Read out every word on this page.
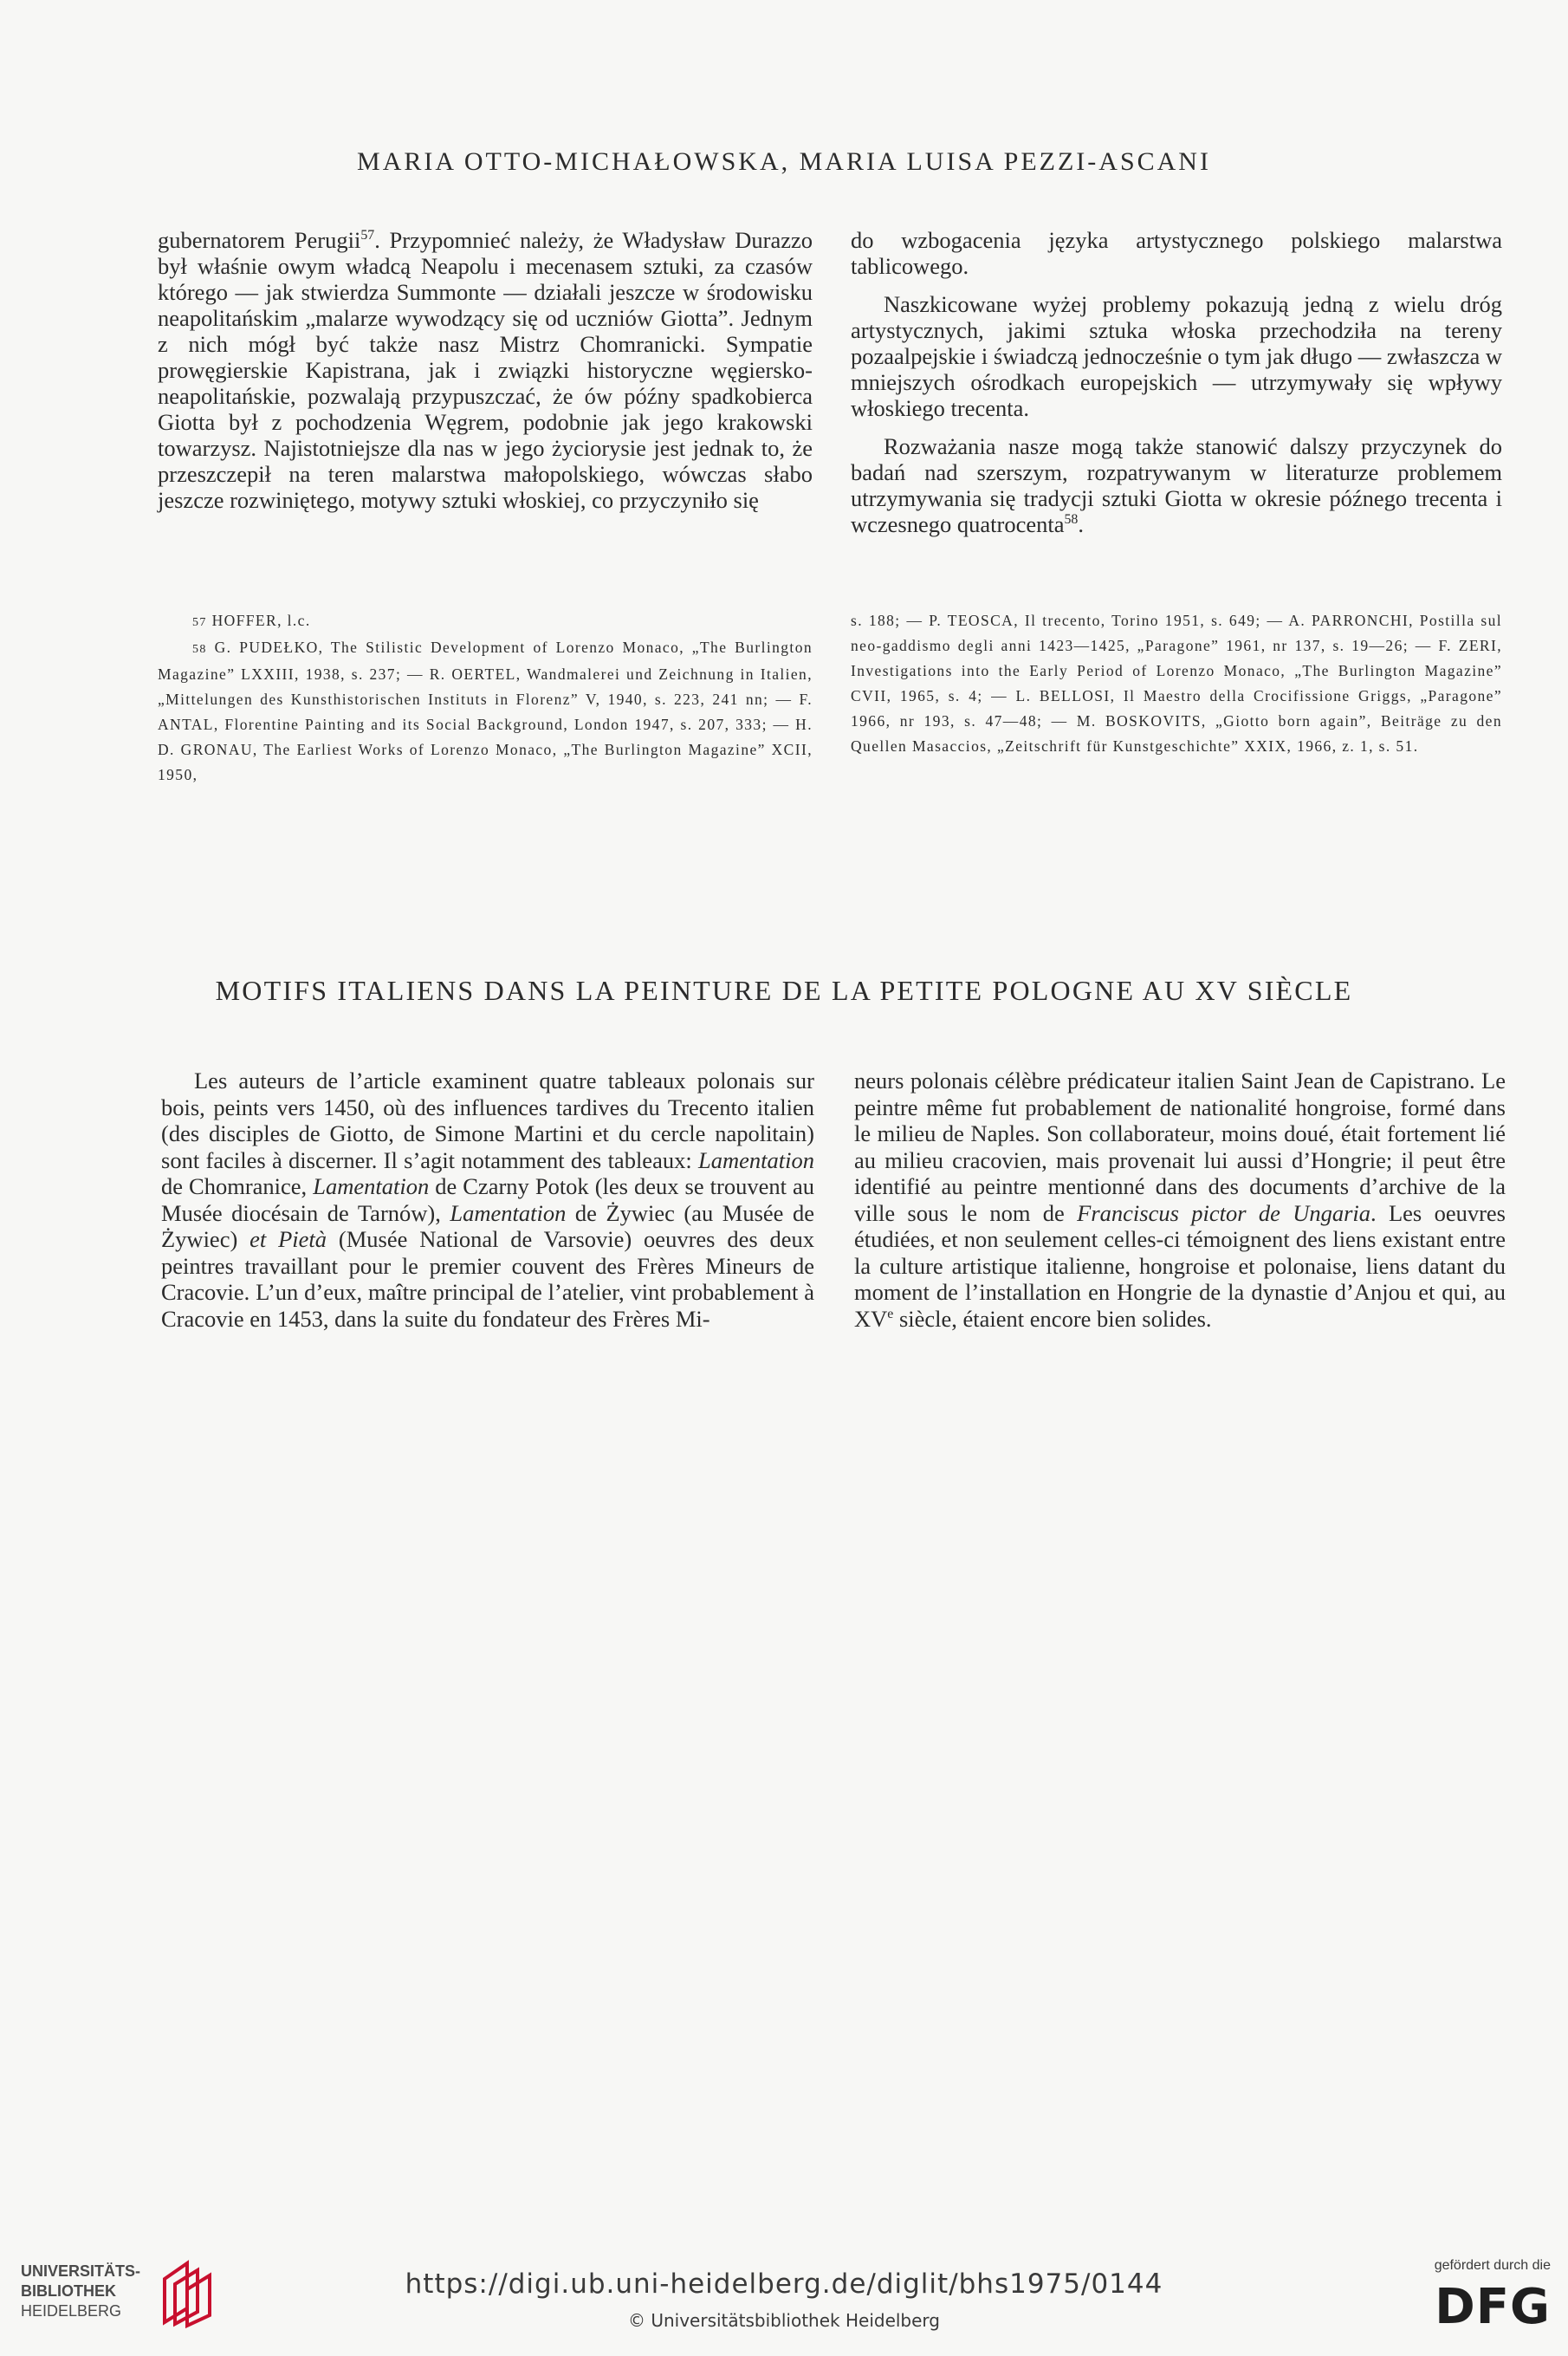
MARIA OTTO-MICHAŁOWSKA, MARIA LUISA PEZZI-ASCANI

gubernatorem Perugii$^{57}$. Przypomnieć należy, że Władysław Durazzo był właśnie owym władcą Neapolu i mecenasem sztuki, za czasów którego — jak stwierdza Summonte — działali jeszcze w środowisku neapolitańskim „malarze wywodzący się od uczniów Giotta”. Jednym z nich mógł być także nasz Mistrz Chomranicki. Sympatie prowęgierskie Kapistrana, jak i związki historyczne węgiersko-neapolitańskie, pozwalają przypuszczać, że ów późny spadkobierca Giotta był z pochodzenia Węgrem, podobnie jak jego krakowski towarzysz. Najistotniejsze dla nas w jego życiorysie jest jednak to, że przeszczepił na teren malarstwa małopolskiego, wówczas słabo jeszcze rozwiniętego, motywy sztuki włoskiej, co przyczyniło się

do wzbogacenia języka artystycznego polskiego malarstwa tablicowego.

Naszkicowane wyżej problemy pokazują jedną z wielu dróg artystycznych, jakimi sztuka włoska przechodziła na tereny pozaalpejskie i świadczą jednocześnie o tym jak długo — zwłaszcza w mniejszych ośrodkach europejskich — utrzymywały się wpływy włoskiego trecenta.

Rozważania nasze mogą także stanowić dalszy przyczynek do badań nad szerszym, rozpatrywanym w literaturze problemem utrzymywania się tradycji sztuki Giotta w okresie późnego trecenta i wczesnego quatrocenta$^{58}$.

57 HOFFER, l.c.

58 G. PUDEŁKO, The Stilistic Development of Lorenzo Monaco, „The Burlington Magazine” LXXIII, 1938, s. 237; — R. OERTEL, Wandmalerei und Zeichnung in Italien, „Mittelungen des Kunsthistorischen Instituts in Florenz” V, 1940, s. 223, 241 nn; — F. ANTAL, Florentine Painting and its Social Background, London 1947, s. 207, 333; — H. D. GRONAU, The Earliest Works of Lorenzo Monaco, „The Burlington Magazine” XCII, 1950,

s. 188; — P. TEOSCA, Il trecento, Torino 1951, s. 649; — A. PARRONCHI, Postilla sul neo-gaddismo degli anni 1423—1425, „Paragone” 1961, nr 137, s. 19—26; — F. ZERI, Investigations into the Early Period of Lorenzo Monaco, „The Burlington Magazine” CVII, 1965, s. 4; — L. BELLOSI, Il Maestro della Crocifissione Griggs, „Paragone” 1966, nr 193, s. 47—48; — M. BOSKOVITS, „Giotto born again”, Beiträge zu den Quellen Masaccios, „Zeitschrift für Kunstgeschichte” XXIX, 1966, z. 1, s. 51.

MOTIFS ITALIENS DANS LA PEINTURE DE LA PETITE POLOGNE AU XV SIÈCLE

Les auteurs de l’article examinent quatre tableaux polonais sur bois, peints vers 1450, où des influences tardives du Trecento italien (des disciples de Giotto, de Simone Martini et du cercle napolitain) sont faciles à discerner. Il s’agit notamment des tableaux: Lamentation de Chomranice, Lamentation de Czarny Potok (les deux se trouvent au Musée diocésain de Tarnów), Lamentation de Żywiec (au Musée de Żywiec) et Pietà (Musée National de Varsovie) oeuvres des deux peintres travaillant pour le premier couvent des Frères Mineurs de Cracovie. L’un d’eux, maître principal de l’atelier, vint probablement à Cracovie en 1453, dans la suite du fondateur des Frères Mi-

neurs polonais célèbre prédicateur italien Saint Jean de Capistrano. Le peintre même fut probablement de nationalité hongroise, formé dans le milieu de Naples. Son collaborateur, moins doué, était fortement lié au milieu cracovien, mais provenait lui aussi d’Hongrie; il peut être identifié au peintre mentionné dans des documents d’archive de la ville sous le nom de Franciscus pictor de Ungaria. Les oeuvres étudiées, et non seulement celles-ci témoignent des liens existant entre la culture artistique italienne, hongroise et polonaise, liens datant du moment de l’installation en Hongrie de la dynastie d’Anjou et qui, au XVe siècle, étaient encore bien solides.

UNIVERSITÄTS-
BIBLIOTHEK
HEIDELBERG
https://digi.ub.uni-heidelberg.de/diglit/bhs1975/0144
© Universitätsbibliothek Heidelberg
gefördert durch die
DFG
